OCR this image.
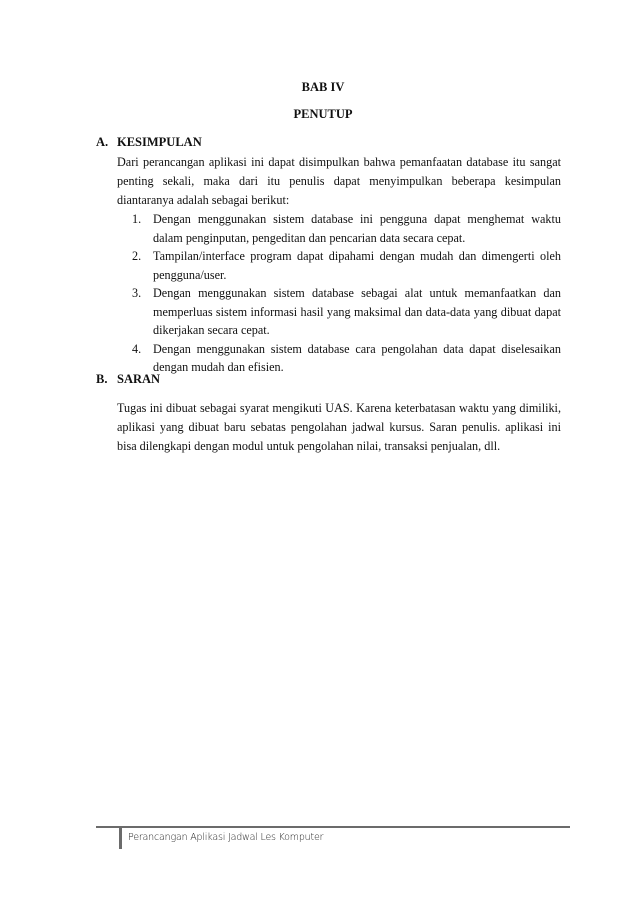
BAB IV
PENUTUP
A. KESIMPULAN
Dari perancangan aplikasi ini dapat disimpulkan bahwa pemanfaatan database itu sangat penting sekali, maka dari itu penulis dapat menyimpulkan beberapa kesimpulan diantaranya adalah sebagai berikut:
1. Dengan menggunakan sistem database ini pengguna dapat menghemat waktu dalam penginputan, pengeditan dan pencarian data secara cepat.
2. Tampilan/interface program dapat dipahami dengan mudah dan dimengerti oleh pengguna/user.
3. Dengan menggunakan sistem database sebagai alat untuk memanfaatkan dan memperluas sistem informasi hasil yang maksimal dan data-data yang dibuat dapat dikerjakan secara cepat.
4. Dengan menggunakan sistem database cara pengolahan data dapat diselesaikan dengan mudah dan efisien.
B. SARAN
Tugas ini dibuat sebagai syarat mengikuti UAS. Karena keterbatasan waktu yang dimiliki, aplikasi yang dibuat baru sebatas pengolahan jadwal kursus. Saran penulis. aplikasi ini bisa dilengkapi dengan modul untuk pengolahan nilai, transaksi penjualan, dll.
Perancangan Aplikasi Jadwal Les Komputer
